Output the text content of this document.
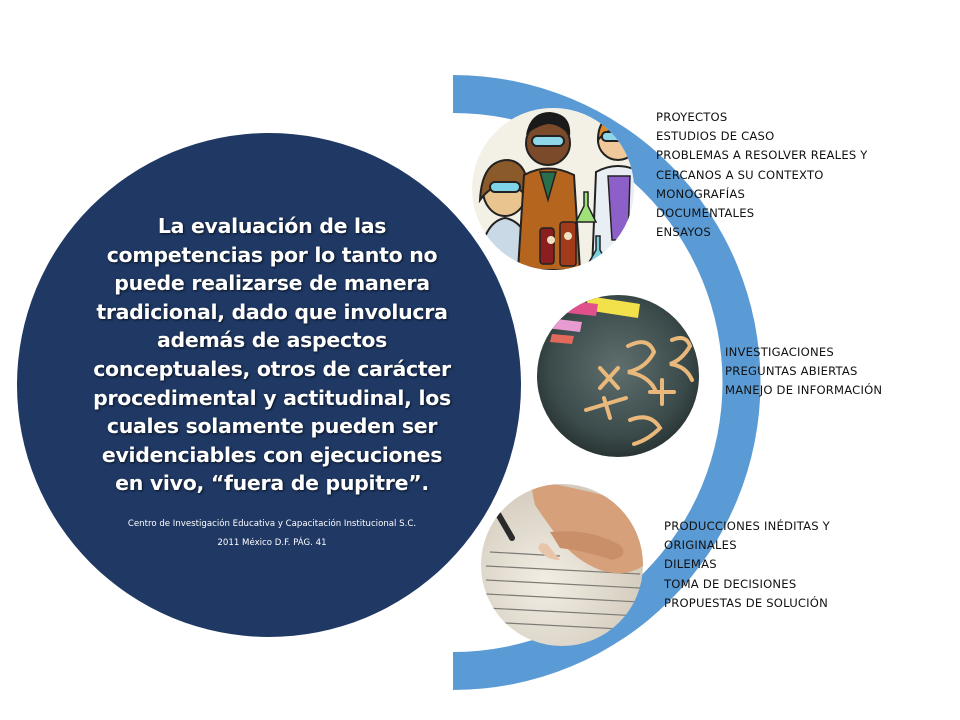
La evaluación de las competencias por lo tanto no puede realizarse de manera tradicional, dado que involucra además de aspectos conceptuales, otros de carácter procedimental y actitudinal, los cuales solamente pueden ser evidenciables con ejecuciones en vivo, “fuera de pupitre”.
Centro de Investigación Educativa y Capacitación Institucional S.C.
2011 México D.F. PÁG. 41
PROYECTOS
ESTUDIOS DE CASO
PROBLEMAS A RESOLVER REALES Y
CERCANOS A SU CONTEXTO
MONOGRAFÍAS
DOCUMENTALES
ENSAYOS
INVESTIGACIONES
PREGUNTAS ABIERTAS
MANEJO DE INFORMACIÓN
PRODUCCIONES INÉDITAS Y
ORIGINALES
DILEMAS
TOMA DE DECISIONES
PROPUESTAS DE SOLUCIÓN
